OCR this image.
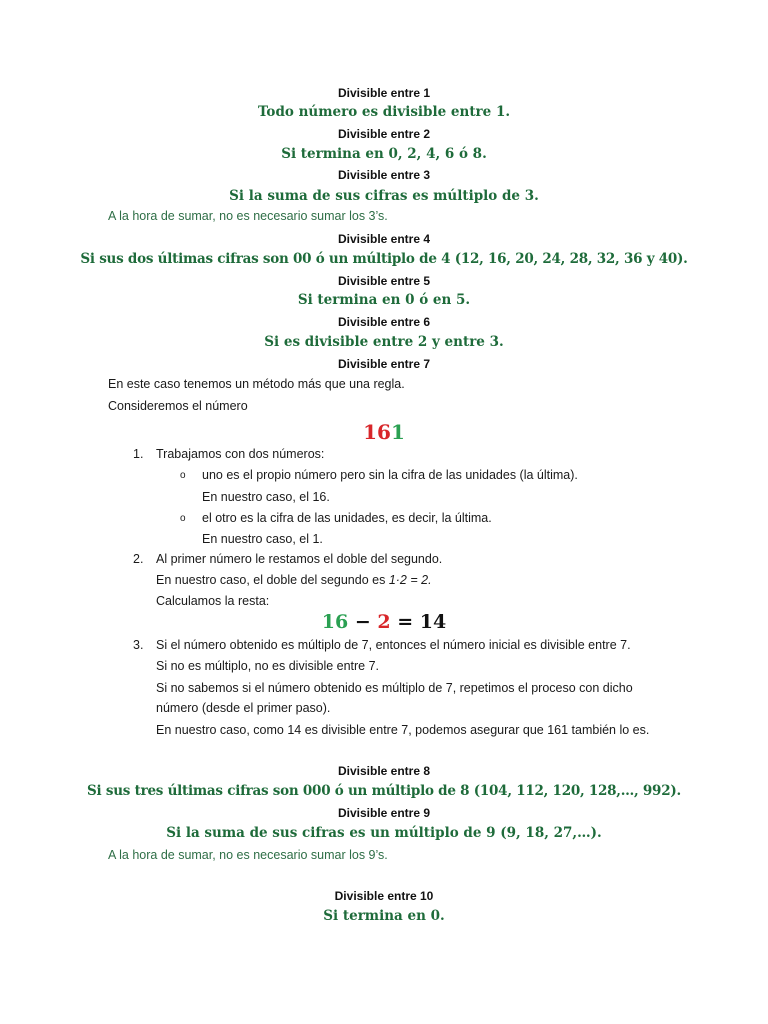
Divisible entre 1
Todo número es divisible entre 1.
Divisible entre 2
Si termina en 0, 2, 4, 6 ó 8.
Divisible entre 3
Si la suma de sus cifras es múltiplo de 3.
A la hora de sumar, no es necesario sumar los 3’s.
Divisible entre 4
Si sus dos últimas cifras son 00 ó un múltiplo de 4 (12, 16, 20, 24, 28, 32, 36 y 40).
Divisible entre 5
Si termina en 0 ó en 5.
Divisible entre 6
Si es divisible entre 2 y entre 3.
Divisible entre 7
En este caso tenemos un método más que una regla.
Consideremos el número
161
1. Trabajamos con dos números:
o uno es el propio número pero sin la cifra de las unidades (la última).
En nuestro caso, el 16.
o el otro es la cifra de las unidades, es decir, la última.
En nuestro caso, el 1.
2. Al primer número le restamos el doble del segundo.
En nuestro caso, el doble del segundo es 1·2 = 2.
Calculamos la resta:
16 − 2 = 14
3. Si el número obtenido es múltiplo de 7, entonces el número inicial es divisible entre 7.
Si no es múltiplo, no es divisible entre 7.
Si no sabemos si el número obtenido es múltiplo de 7, repetimos el proceso con dicho
número (desde el primer paso).
En nuestro caso, como 14 es divisible entre 7, podemos asegurar que 161 también lo es.
Divisible entre 8
Si sus tres últimas cifras son 000 ó un múltiplo de 8 (104, 112, 120, 128,…, 992).
Divisible entre 9
Si la suma de sus cifras es un múltiplo de 9 (9, 18, 27,…).
A la hora de sumar, no es necesario sumar los 9’s.
Divisible entre 10
Si termina en 0.
